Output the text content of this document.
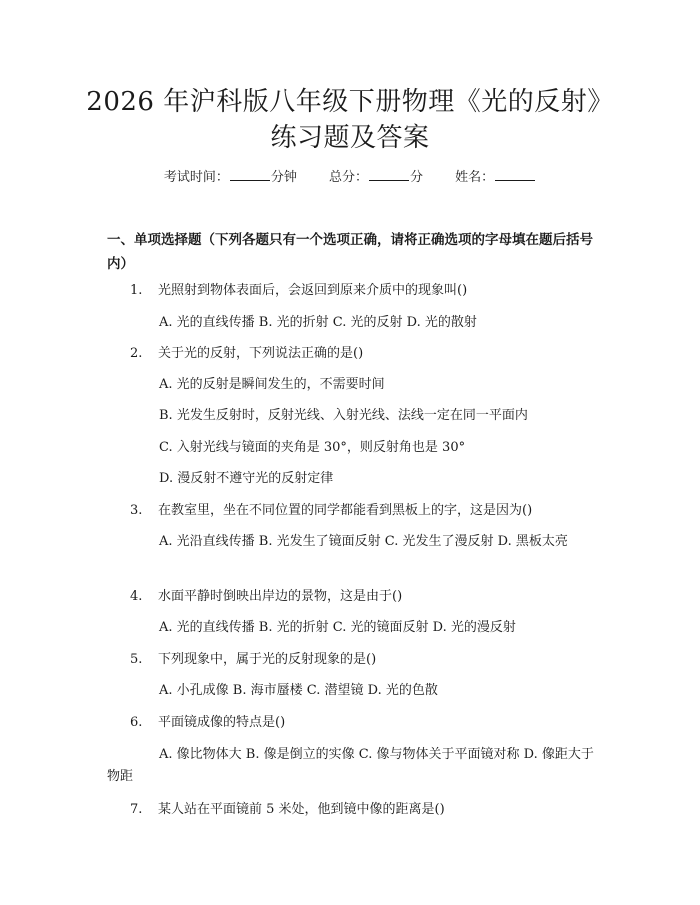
2026 年沪科版八年级下册物理《光的反射》
练习题及答案
考试时间：	分钟 总分：	分 姓名：
一、单项选择题（下列各题只有一个选项正确，请将正确选项的字母填在题后括号内）
1. 光照射到物体表面后，会返回到原来介质中的现象叫()
A. 光的直线传播 B. 光的折射 C. 光的反射 D. 光的散射
2. 关于光的反射，下列说法正确的是()
A. 光的反射是瞬间发生的，不需要时间
B. 光发生反射时，反射光线、入射光线、法线一定在同一平面内
C. 入射光线与镜面的夹角是 30°，则反射角也是 30°
D. 漫反射不遵守光的反射定律
3. 在教室里，坐在不同位置的同学都能看到黑板上的字，这是因为()
A. 光沿直线传播 B. 光发生了镜面反射 C. 光发生了漫反射 D. 黑板太亮
4. 水面平静时倒映出岸边的景物，这是由于()
A. 光的直线传播 B. 光的折射 C. 光的镜面反射 D. 光的漫反射
5. 下列现象中，属于光的反射现象的是()
A. 小孔成像 B. 海市蜃楼 C. 潜望镜 D. 光的色散
6. 平面镜成像的特点是()
A. 像比物体大 B. 像是倒立的实像 C. 像与物体关于平面镜对称 D. 像距大于物距
7. 某人站在平面镜前 5 米处，他到镜中像的距离是()
